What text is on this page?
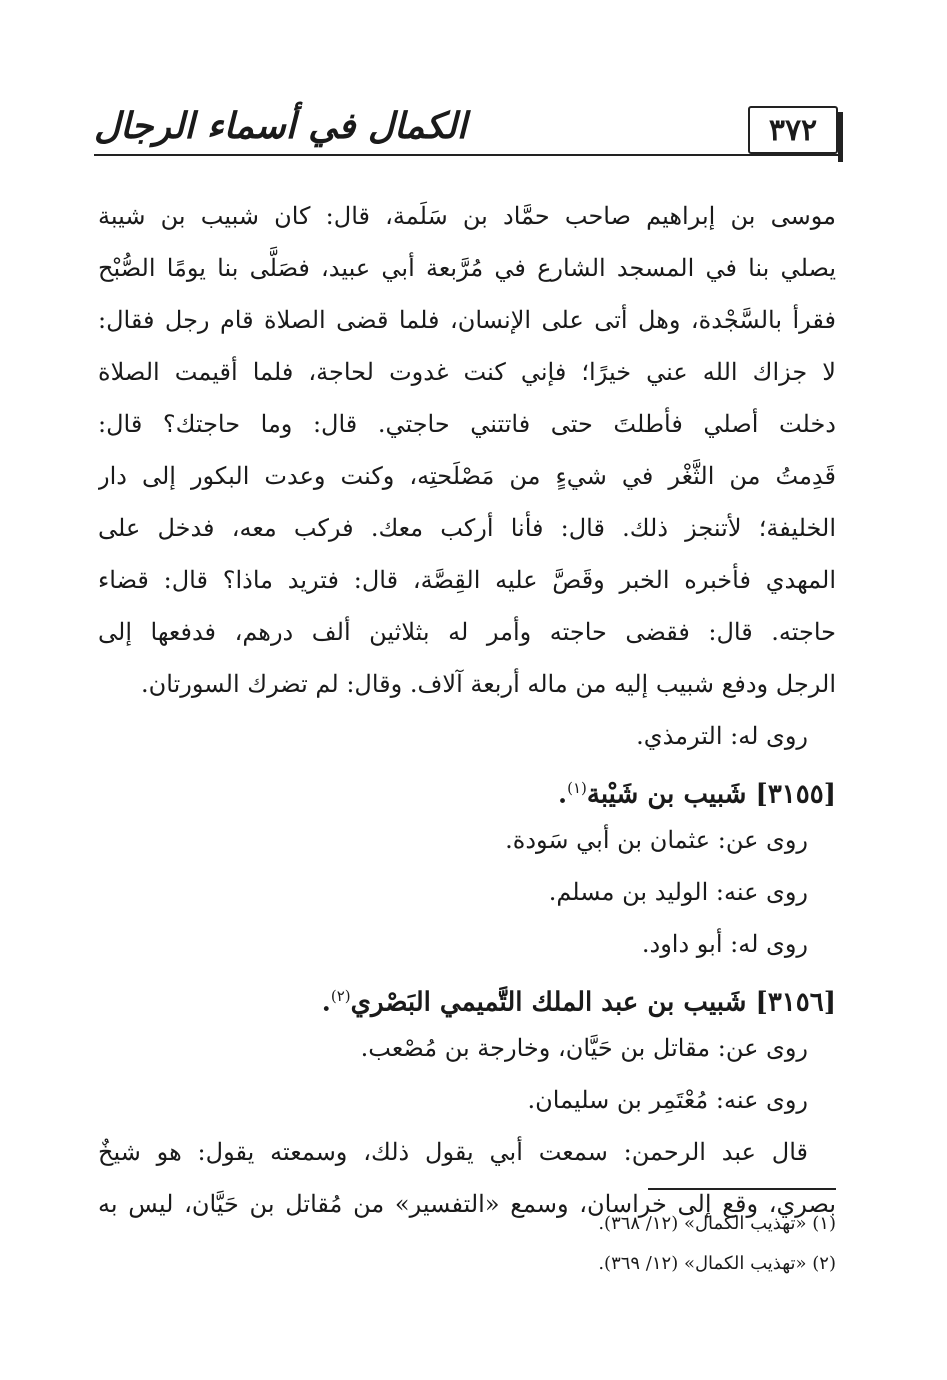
٣٧٢
الكمال في أسماء الرجال
موسى بن إبراهيم صاحب حمَّاد بن سَلَمة، قال: كان شبيب بن شيبة
يصلي بنا في المسجد الشارع في مُرَّبعة أبي عبيد، فصَلَّى بنا يومًا الصُّبْح
فقرأ بالسَّجْدة، وهل أتى على الإنسان، فلما قضى الصلاة قام رجل فقال:
لا جزاك الله عني خيرًا؛ فإني كنت غدوت لحاجة، فلما أقيمت الصلاة
دخلت أصلي فأطلتَ حتى فاتتني حاجتي. قال: وما حاجتك؟ قال:
قَدِمتُ من الثَّغْر في شيءٍ من مَصْلَحتِه، وكنت وعدت البكور إلى دار
الخليفة؛ لأتنجز ذلك. قال: فأنا أركب معك. فركب معه، فدخل على
المهدي فأخبره الخبر وقَصَّ عليه القِصَّة، قال: فتريد ماذا؟ قال: قضاء
حاجته. قال: فقضى حاجته وأمر له بثلاثين ألف درهم، فدفعها إلى
الرجل ودفع شبيب إليه من ماله أربعة آلاف. وقال: لم تضرك السورتان.
روى له: الترمذي.
[٣١٥٥] شَبيب بن شَيْبة$^{(١)}$.
روى عن: عثمان بن أبي سَودة.
روى عنه: الوليد بن مسلم.
روى له: أبو داود.
[٣١٥٦] شَبيب بن عبد الملك التَّميمي البَصْري$^{(٢)}$.
روى عن: مقاتل بن حَيَّان، وخارجة بن مُصْعب.
روى عنه: مُعْتَمِر بن سليمان.
قال عبد الرحمن: سمعت أبي يقول ذلك، وسمعته يقول: هو شيخٌ
بصري، وقع إلى خراسان، وسمع «التفسير» من مُقاتل بن حَيَّان، ليس به
(١) «تهذيب الكمال» (١٢/ ٣٦٨).
(٢) «تهذيب الكمال» (١٢/ ٣٦٩).
